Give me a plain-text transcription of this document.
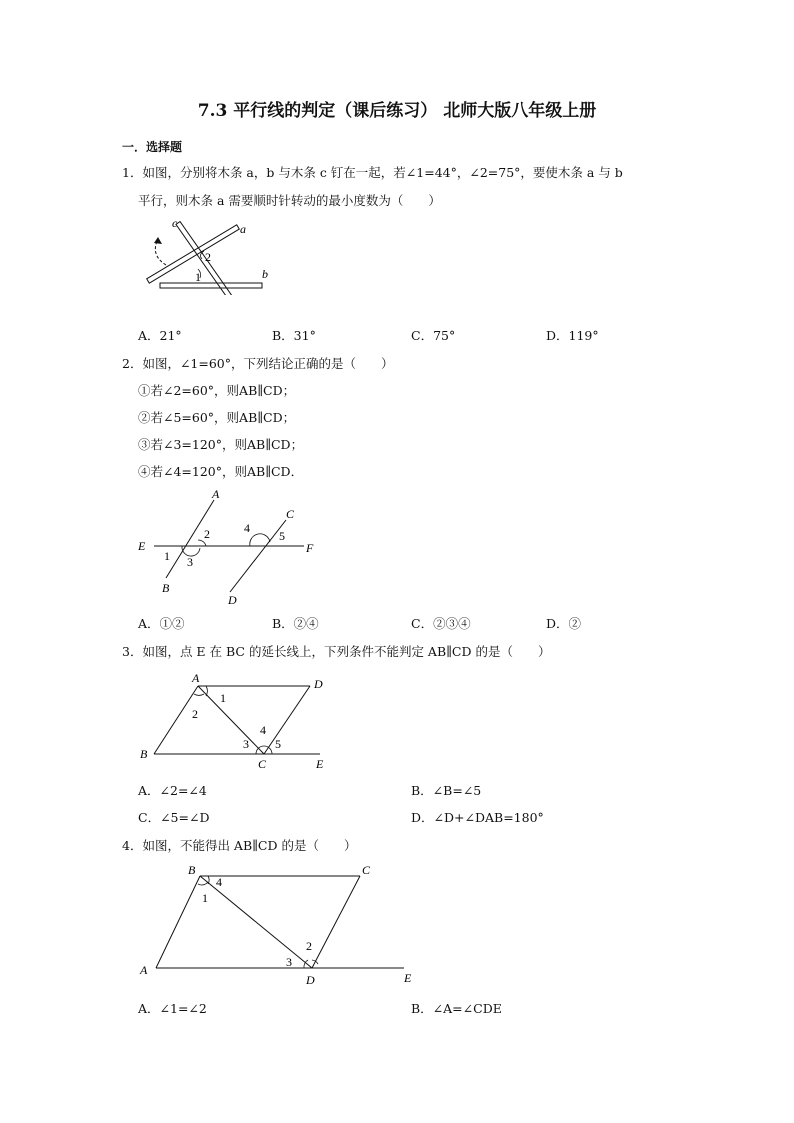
7.3 平行线的判定（课后练习） 北师大版八年级上册
一．选择题
1．如图，分别将木条 a，b 与木条 c 钉在一起，若∠1=44°，∠2=75°，要使木条 a 与 b
平行，则木条 a 需要顺时针转动的最小度数为（　　）
c	a
b
2
1
A．21°	B．31°	C．75°	D．119°
2．如图，∠1=60°，下列结论正确的是（　　）
①若∠2=60°，则AB∥CD；
②若∠5=60°，则AB∥CD；
③若∠3=120°，则AB∥CD；
④若∠4=120°，则AB∥CD．
E	F
A
B
C
D
1
2
3
4
5
A．①②	B．②④	C．②③④	D．②
3．如图，点 E 在 BC 的延长线上，下列条件不能判定 AB∥CD 的是（　　）
A	D
B
C	E
1
2
3
4
5
A．∠2=∠4	B．∠B=∠5
C．∠5=∠D	D．∠D+∠DAB=180°
4．如图，不能得出 AB∥CD 的是（　　）
B	C
A
D	E
1
4
3
2
A．∠1=∠2	B．∠A=∠CDE
